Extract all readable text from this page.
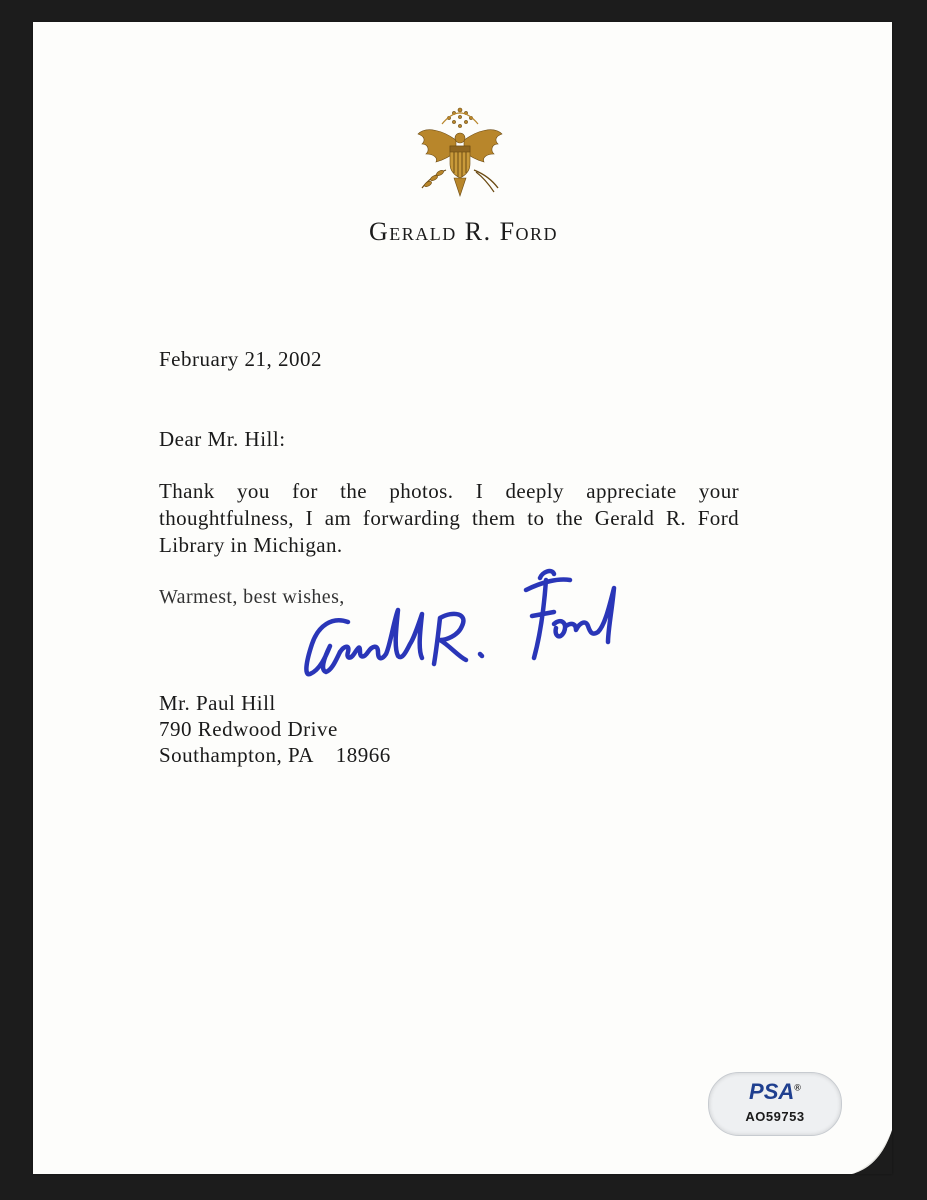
Gerald R. Ford
February 21, 2002
Dear Mr. Hill:
Thank you for the photos. I deeply appreciate your thoughtfulness, I am forwarding them to the Gerald R. Ford Library in Michigan.
Warmest, best wishes,
Mr. Paul Hill
790 Redwood Drive
Southampton, PA    18966
PSA®
AO59753
